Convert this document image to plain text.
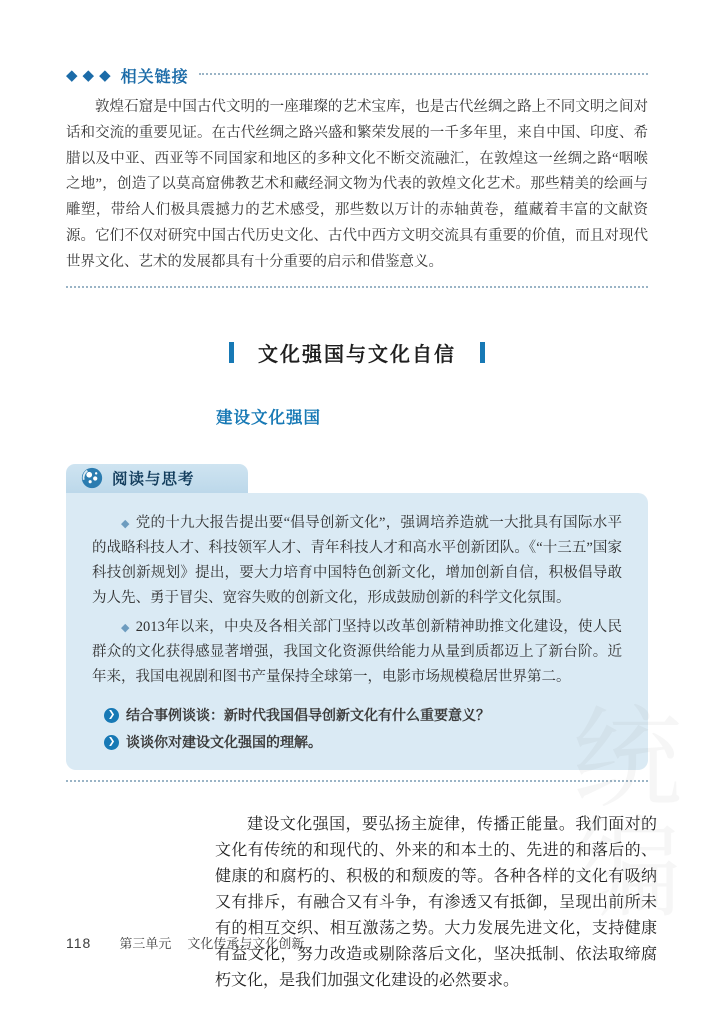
◆ ◆ ◆ 相关链接

敦煌石窟是中国古代文明的一座璀璨的艺术宝库，也是古代丝绸之路上不同文明之间对话和交流的重要见证。在古代丝绸之路兴盛和繁荣发展的一千多年里，来自中国、印度、希腊以及中亚、西亚等不同国家和地区的多种文化不断交流融汇，在敦煌这一丝绸之路“咽喉之地”，创造了以莫高窟佛教艺术和藏经洞文物为代表的敦煌文化艺术。那些精美的绘画与雕塑，带给人们极具震撼力的艺术感受，那些数以万计的赤轴黄卷，蕴藏着丰富的文献资源。它们不仅对研究中国古代历史文化、古代中西方文明交流具有重要的价值，而且对现代世界文化、艺术的发展都具有十分重要的启示和借鉴意义。

文化强国与文化自信
建设文化强国
阅读与思考

◆ 党的十九大报告提出要“倡导创新文化”，强调培养造就一大批具有国际水平的战略科技人才、科技领军人才、青年科技人才和高水平创新团队。《“十三五”国家科技创新规划》提出，要大力培育中国特色创新文化，增加创新自信，积极倡导敢为人先、勇于冒尖、宽容失败的创新文化，形成鼓励创新的科学文化氛围。

◆ 2013年以来，中央及各相关部门坚持以改革创新精神助推文化建设，使人民群众的文化获得感显著增强，我国文化资源供给能力从量到质都迈上了新台阶。近年来，我国电视剧和图书产量保持全球第一，电影市场规模稳居世界第二。

❯ 结合事例谈谈：新时代我国倡导创新文化有什么重要意义？
❯ 谈谈你对建设文化强国的理解。

建设文化强国，要弘扬主旋律，传播正能量。我们面对的文化有传统的和现代的、外来的和本土的、先进的和落后的、健康的和腐朽的、积极的和颓废的等。各种各样的文化有吸纳又有排斥，有融合又有斗争，有渗透又有抵御，呈现出前所未有的相互交织、相互激荡之势。大力发展先进文化，支持健康有益文化，努力改造或剔除落后文化，坚决抵制、依法取缔腐朽文化，是我们加强文化建设的必然要求。

统编
118 第三单元 文化传承与文化创新
